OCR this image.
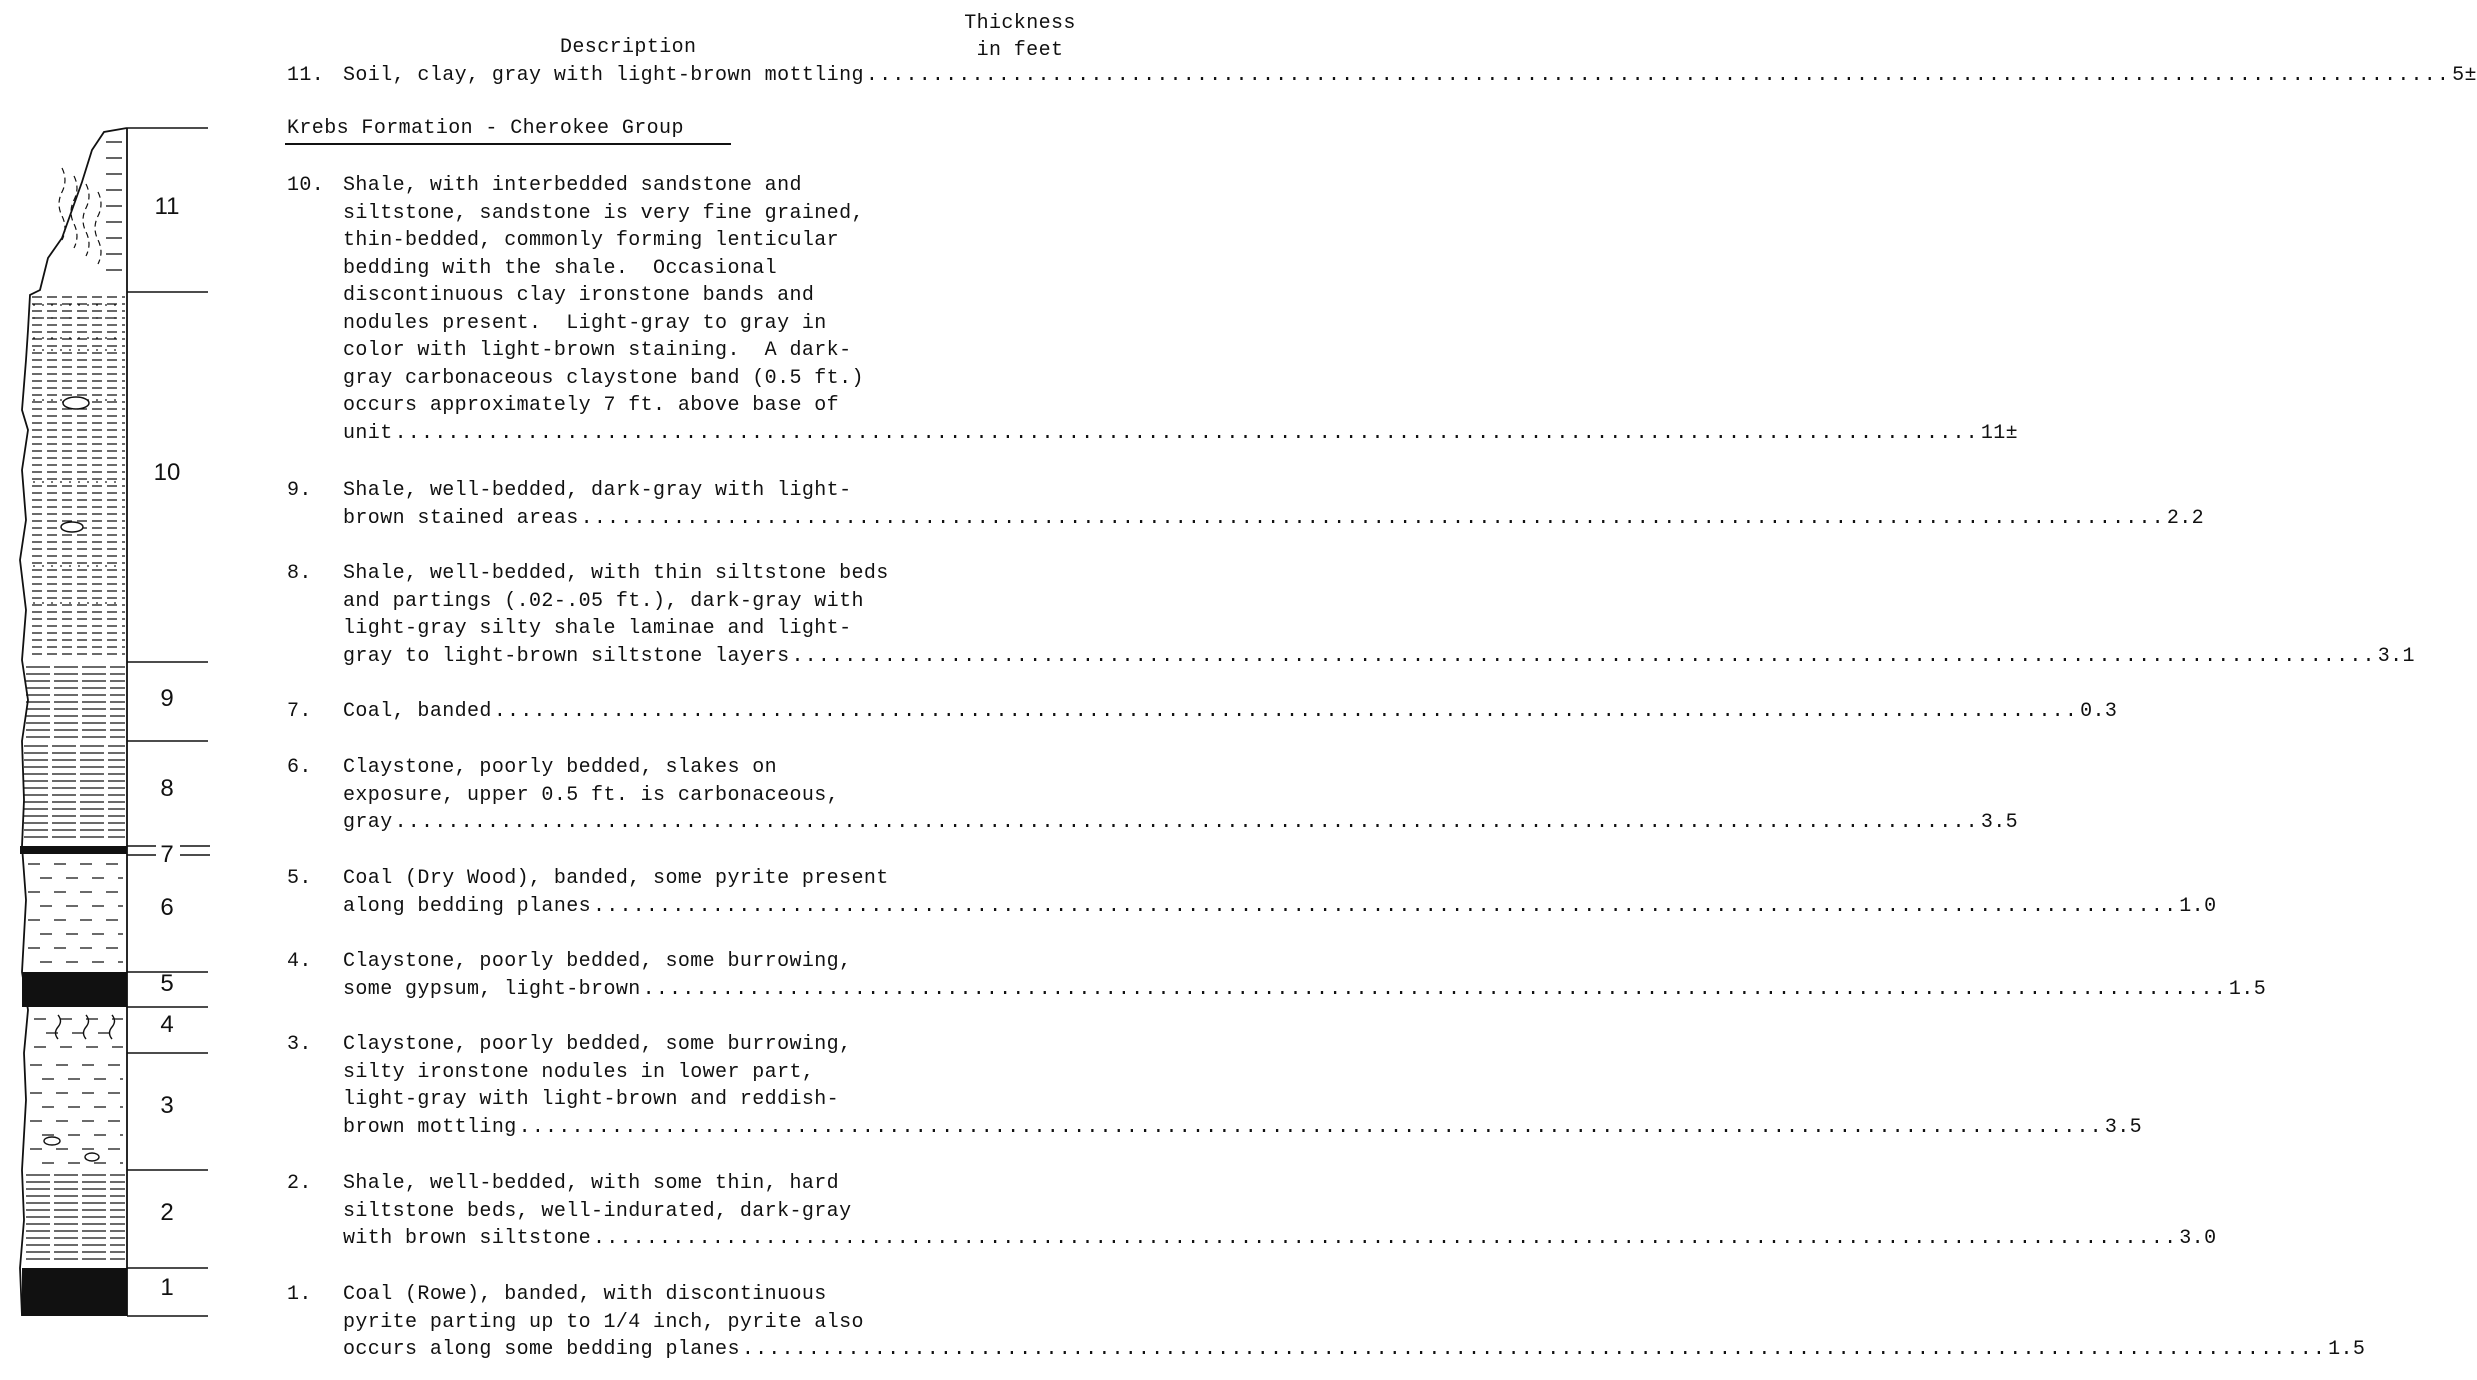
Thickness
in feet
Description
Krebs Formation - Cherokee Group
11. Soil, clay, gray with light-brown mottling ........................................................................................................................ 5±
10. Shale, with interbedded sandstone and
siltstone, sandstone is very fine grained,
thin-bedded, commonly forming lenticular
bedding with the shale.  Occasional
discontinuous clay ironstone bands and
nodules present.  Light-gray to gray in
color with light-brown staining.  A dark-
gray carbonaceous claystone band (0.5 ft.)
occurs approximately 7 ft. above base of
unit ........................................................................................................................ 11±
9.	Shale, well-bedded, dark-gray with light-
brown stained areas ........................................................................................................................ 2.2
8.	Shale, well-bedded, with thin siltstone beds
and partings (.02-.05 ft.), dark-gray with
light-gray silty shale laminae and light-
gray to light-brown siltstone layers ........................................................................................................................ 3.1
7.	Coal, banded ........................................................................................................................ 0.3
6.	Claystone, poorly bedded, slakes on
exposure, upper 0.5 ft. is carbonaceous,
gray ........................................................................................................................ 3.5
5.	Coal (Dry Wood), banded, some pyrite present
along bedding planes ........................................................................................................................ 1.0
4.	Claystone, poorly bedded, some burrowing,
some gypsum, light-brown ........................................................................................................................ 1.5
3.	Claystone, poorly bedded, some burrowing,
silty ironstone nodules in lower part,
light-gray with light-brown and reddish-
brown mottling ........................................................................................................................ 3.5
2.	Shale, well-bedded, with some thin, hard
siltstone beds, well-indurated, dark-gray
with brown siltstone ........................................................................................................................ 3.0
1.	Coal (Rowe), banded, with discontinuous
pyrite parting up to 1/4 inch, pyrite also
occurs along some bedding planes ........................................................................................................................ 1.5
11
10
9
8
7
6
5
4
3
2
1
